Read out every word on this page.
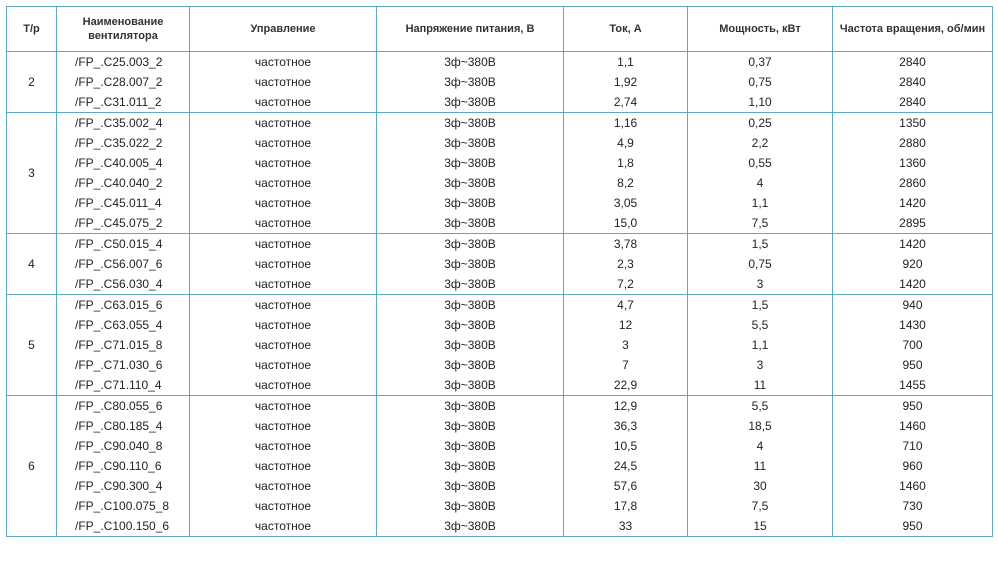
Т/р	Наименование вентилятора	Управление	Напряжение питания, В	Ток, А	Мощность, кВт	Частота вращения, об/мин
2	/FP_.C25.003_2	частотное	3ф~380В	1,1	0,37	2840
	/FP_.C28.007_2	частотное	3ф~380В	1,92	0,75	2840
	/FP_.C31.011_2	частотное	3ф~380В	2,74	1,10	2840
3	/FP_.C35.002_4	частотное	3ф~380В	1,16	0,25	1350
	/FP_.C35.022_2	частотное	3ф~380В	4,9	2,2	2880
	/FP_.C40.005_4	частотное	3ф~380В	1,8	0,55	1360
	/FP_.C40.040_2	частотное	3ф~380В	8,2	4	2860
	/FP_.C45.011_4	частотное	3ф~380В	3,05	1,1	1420
	/FP_.C45.075_2	частотное	3ф~380В	15,0	7,5	2895
4	/FP_.C50.015_4	частотное	3ф~380В	3,78	1,5	1420
	/FP_.C56.007_6	частотное	3ф~380В	2,3	0,75	920
	/FP_.C56.030_4	частотное	3ф~380В	7,2	3	1420
5	/FP_.C63.015_6	частотное	3ф~380В	4,7	1,5	940
	/FP_.C63.055_4	частотное	3ф~380В	12	5,5	1430
	/FP_.C71.015_8	частотное	3ф~380В	3	1,1	700
	/FP_.C71.030_6	частотное	3ф~380В	7	3	950
	/FP_.C71.110_4	частотное	3ф~380В	22,9	11	1455
6	/FP_.C80.055_6	частотное	3ф~380В	12,9	5,5	950
	/FP_.C80.185_4	частотное	3ф~380В	36,3	18,5	1460
	/FP_.C90.040_8	частотное	3ф~380В	10,5	4	710
	/FP_.C90.110_6	частотное	3ф~380В	24,5	11	960
	/FP_.C90.300_4	частотное	3ф~380В	57,6	30	1460
	/FP_.C100.075_8	частотное	3ф~380В	17,8	7,5	730
	/FP_.C100.150_6	частотное	3ф~380В	33	15	950
